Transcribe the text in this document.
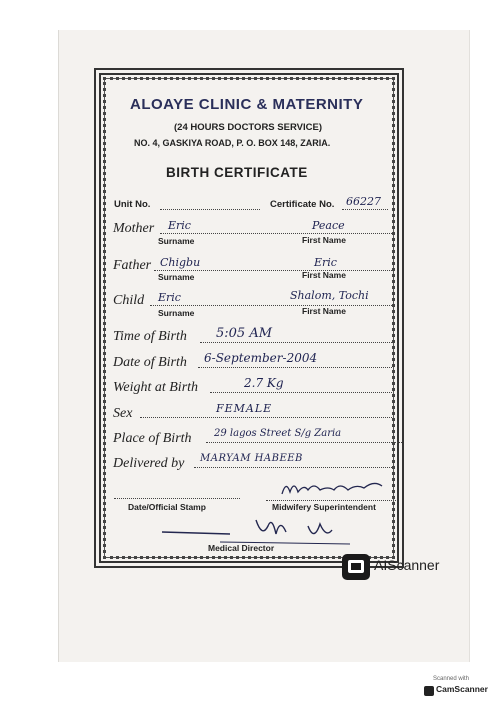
ALOAYE CLINIC & MATERNITY
(24 HOURS DOCTORS SERVICE)
NO. 4, GASKIYA ROAD, P. O. BOX 148, ZARIA.
BIRTH CERTIFICATE
Unit No.	Certificate No. 66227
Mother Eric	Peace
Surname	First Name
Father Chigbu	Eric
Surname	First Name
Child Eric	Shalom, Tochi
Surname	First Name
Time of Birth 5:05 AM
Date of Birth 6-September-2004
Weight at Birth	2.7 Kg
Sex	FEMALE
Place of Birth 29 lagos Street S/g Zaria
Delivered by MARYAM HABEEB
Date/Official Stamp	Midwifery Superintendent
Medical Director
AIScanner
Scanned with
CamScanner
